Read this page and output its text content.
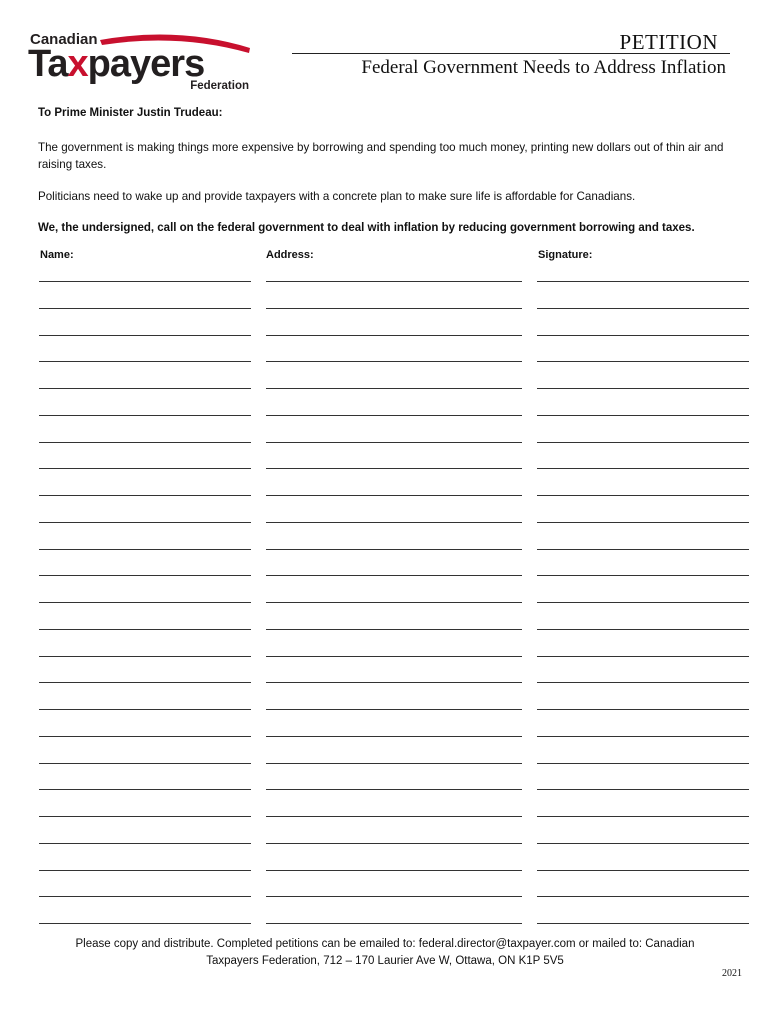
Canadian
Taxpayers
Federation
PETITION
Federal Government Needs to Address Inflation
To Prime Minister Justin Trudeau:
The government is making things more expensive by borrowing and spending too much money, printing new dollars out of thin air and raising taxes.
Politicians need to wake up and provide taxpayers with a concrete plan to make sure life is affordable for Canadians.
We, the undersigned, call on the federal government to deal with inflation by reducing government borrowing and taxes.
Name:	Address:	Signature:
Please copy and distribute. Completed petitions can be emailed to: federal.director@taxpayer.com or mailed to: Canadian
Taxpayers Federation, 712 – 170 Laurier Ave W, Ottawa, ON K1P 5V5
2021
